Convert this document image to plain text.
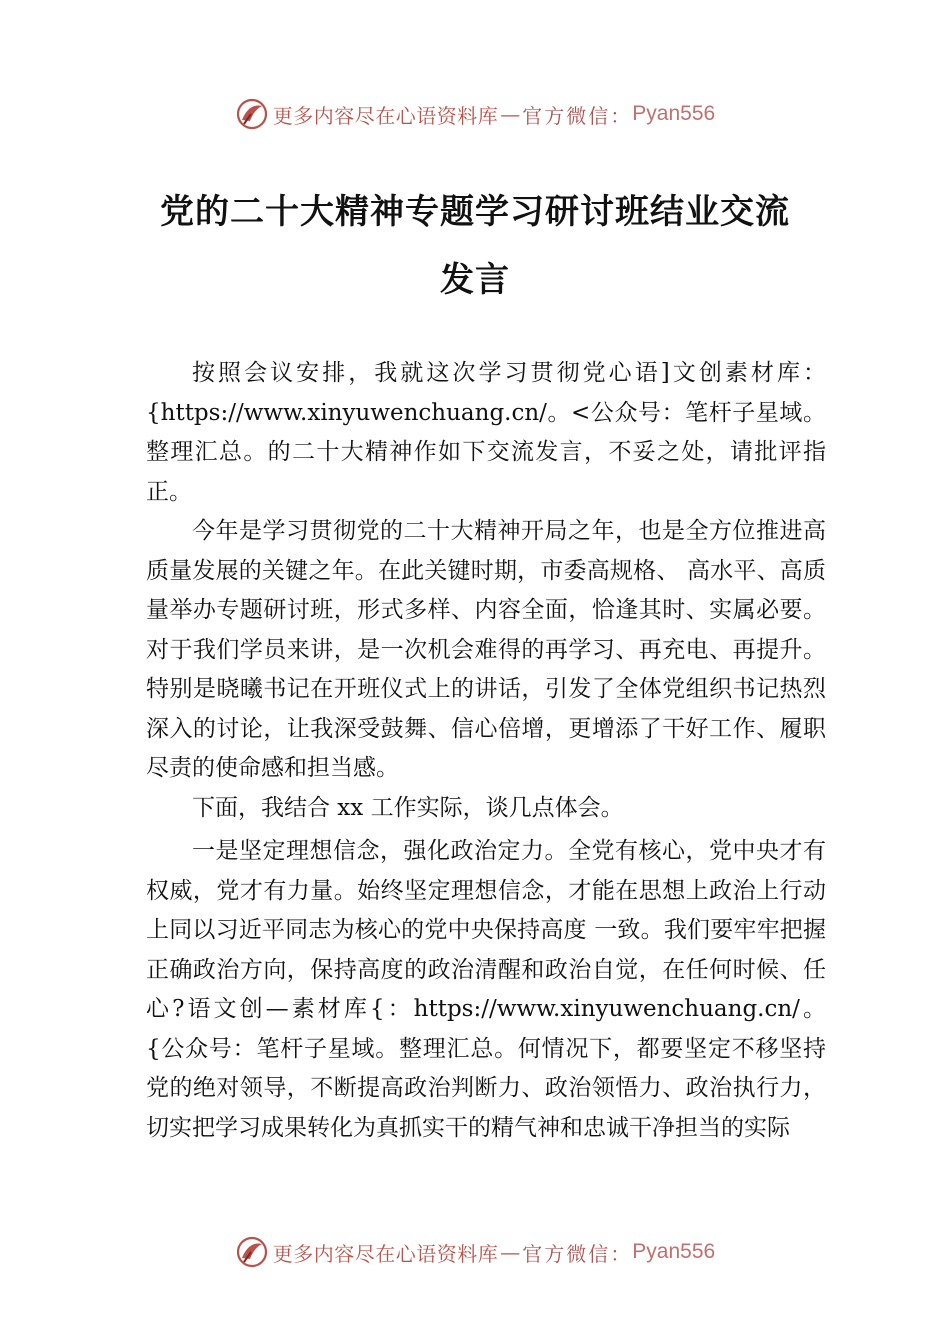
更多内容尽在心语资料库 — 官方微信： Pyan556
党的二十大精神专题学习研讨班结业交流
发言

按照会议安排，我就这次学习贯彻党心语]文创素材库：{https://www.xinyuwenchuang.cn/。<公众号：笔杆子星域。整理汇总。的二十大精神作如下交流发言，不妥之处，请批评指正。

今年是学习贯彻党的二十大精神开局之年，也是全方位推进高质量发展的关键之年。在此关键时期，市委高规格、 高水平、高质量举办专题研讨班，形式多样、内容全面，恰逢其时、实属必要。对于我们学员来讲，是一次机会难得的再学习、再充电、再提升。特别是晓曦书记在开班仪式上的讲话，引发了全体党组织书记热烈深入的讨论，让我深受鼓舞、信心倍增，更增添了干好工作、履职尽责的使命感和担当感。

下面，我结合 xx 工作实际，谈几点体会。

一是坚定理想信念，强化政治定力。全党有核心，党中央才有权威，党才有力量。始终坚定理想信念，才能在思想上政治上行动上同以习近平同志为核心的党中央保持高度 一致。我们要牢牢把握正确政治方向，保持高度的政治清醒和政治自觉，在任何时候、任心?语文创—素材库{：https://www.xinyuwenchuang.cn/。{公众号：笔杆子星域。整理汇总。何情况下，都要坚定不移坚持党的绝对领导，不断提高政治判断力、政治领悟力、政治执行力，切实把学习成果转化为真抓实干的精气神和忠诚干净担当的实际

更多内容尽在心语资料库 — 官方微信： Pyan556
